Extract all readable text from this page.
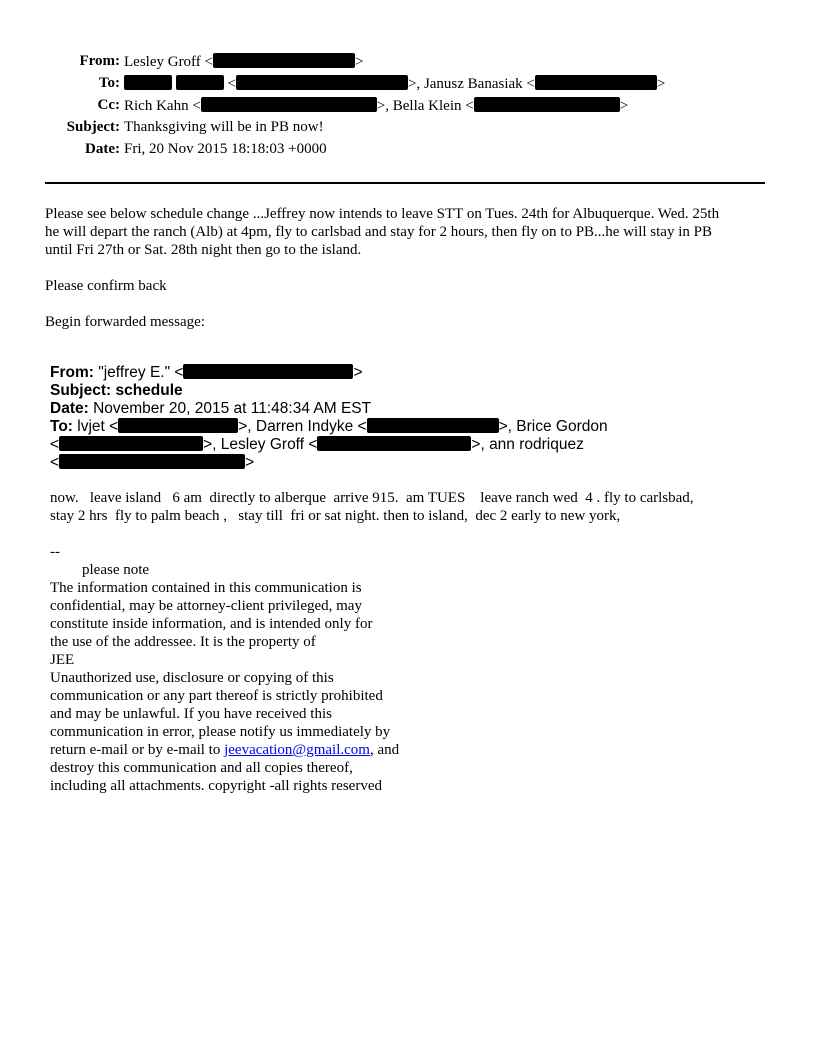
From: Lesley Groff <	>
To:	<	>, Janusz Banasiak <	>
Cc: Rich Kahn <	>, Bella Klein <	>
Subject: Thanksgiving will be in PB now!
Date: Fri, 20 Nov 2015 18:18:03 +0000
Please see below schedule change ...Jeffrey now intends to leave STT on Tues. 24th for Albuquerque. Wed. 25th
he will depart the ranch (Alb) at 4pm, fly to carlsbad and stay for 2 hours, then fly on to PB...he will stay in PB
until Fri 27th or Sat. 28th night then go to the island.
Please confirm back
Begin forwarded message:
From: "jeffrey E." <	>
Subject: schedule
Date: November 20, 2015 at 11:48:34 AM EST
To: lvjet <	>, Darren Indyke <	>, Brice Gordon
<	>, Lesley Groff <	>, ann rodriquez
<	>
now.   leave island   6 am  directly to alberque  arrive 915.  am TUES    leave ranch wed  4 . fly to carlsbad,
stay 2 hrs  fly to palm beach ,   stay till  fri or sat night. then to island,  dec 2 early to new york,
--
please note
The information contained in this communication is
confidential, may be attorney-client privileged, may
constitute inside information, and is intended only for
the use of the addressee. It is the property of
JEE
Unauthorized use, disclosure or copying of this
communication or any part thereof is strictly prohibited
and may be unlawful. If you have received this
communication in error, please notify us immediately by
return e-mail or by e-mail to jeevacation@gmail.com, and
destroy this communication and all copies thereof,
including all attachments. copyright -all rights reserved
